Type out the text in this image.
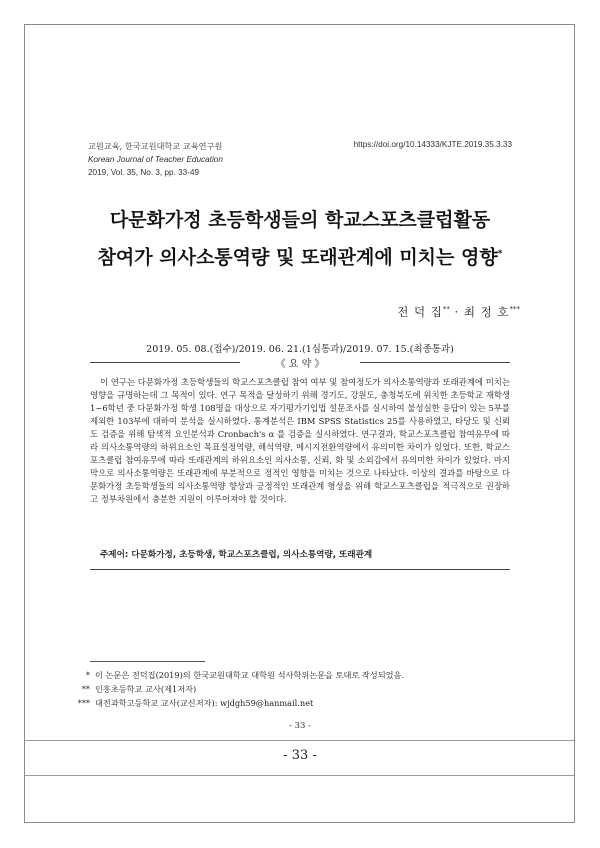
교원교육, 한국교원대학교 교육연구원
Korean Journal of Teacher Education
2019, Vol. 35, No. 3, pp. 33-49
https://doi.org/10.14333/KJTE.2019.35.3.33
다문화가정 초등학생들의 학교스포츠클럽활동
참여가 의사소통역량 및 또래관계에 미치는 영향*
전 덕 집** · 최 정 호***
2019. 05. 08.(접수)/2019. 06. 21.(1심통과)/2019. 07. 15.(최종통과)
《 요 약 》

이 연구는 다문화가정 초등학생들의 학교스포츠클럽 참여 여부 및 참여정도가 의사소통역량과 또래관계에 미치는 영향을 규명하는데 그 목적이 있다. 연구 목적을 달성하기 위해 경기도, 강원도, 충청북도에 위치한 초등학교 재학생 1~6학년 중 다문화가정 학생 108명을 대상으로 자기평가기입법 설문조사를 실시하여 불성실한 응답이 있는 5부를 제외한 103부에 대하여 분석을 실시하였다. 통계분석은 IBM SPSS Statistics 25를 사용하였고, 타당도 및 신뢰도 검증을 위해 탐색적 요인분석과 Cronbach's α 를 검증을 실시하였다. 연구결과, 학교스포츠클럽 참여유무에 따라 의사소통역량의 하위요소인 목표설정역량, 해석역량, 메시지전환역량에서 유의미한 차이가 있었다. 또한, 학교스포츠클럽 참여유무에 따라 또래관계의 하위요소인 의사소통, 신뢰, 화 및 소외감에서 유의미한 차이가 있었다. 마지막으로 의사소통역량은 또래관계에 부분적으로 정적인 영향을 미치는 것으로 나타났다. 이상의 결과를 바탕으로 다문화가정 초등학생들의 의사소통역량 향상과 긍정적인 또래관계 형성을 위해 학교스포츠클럽을 적극적으로 권장하고 정부차원에서 충분한 지원이 이루어져야 할 것이다.

주제어: 다문화가정, 초등학생, 학교스포츠클럽, 의사소통역량, 또래관계
* 이 논문은 전덕집(2019)의 한국교원대학교 대학원 석사학위논문을 토대로 작성되었음.
** 인흥초등학교 교사(제1저자)
*** 대전과학고등학교 교사(교신저자): wjdgh59@hanmail.net
- 33 -
- 33 -
